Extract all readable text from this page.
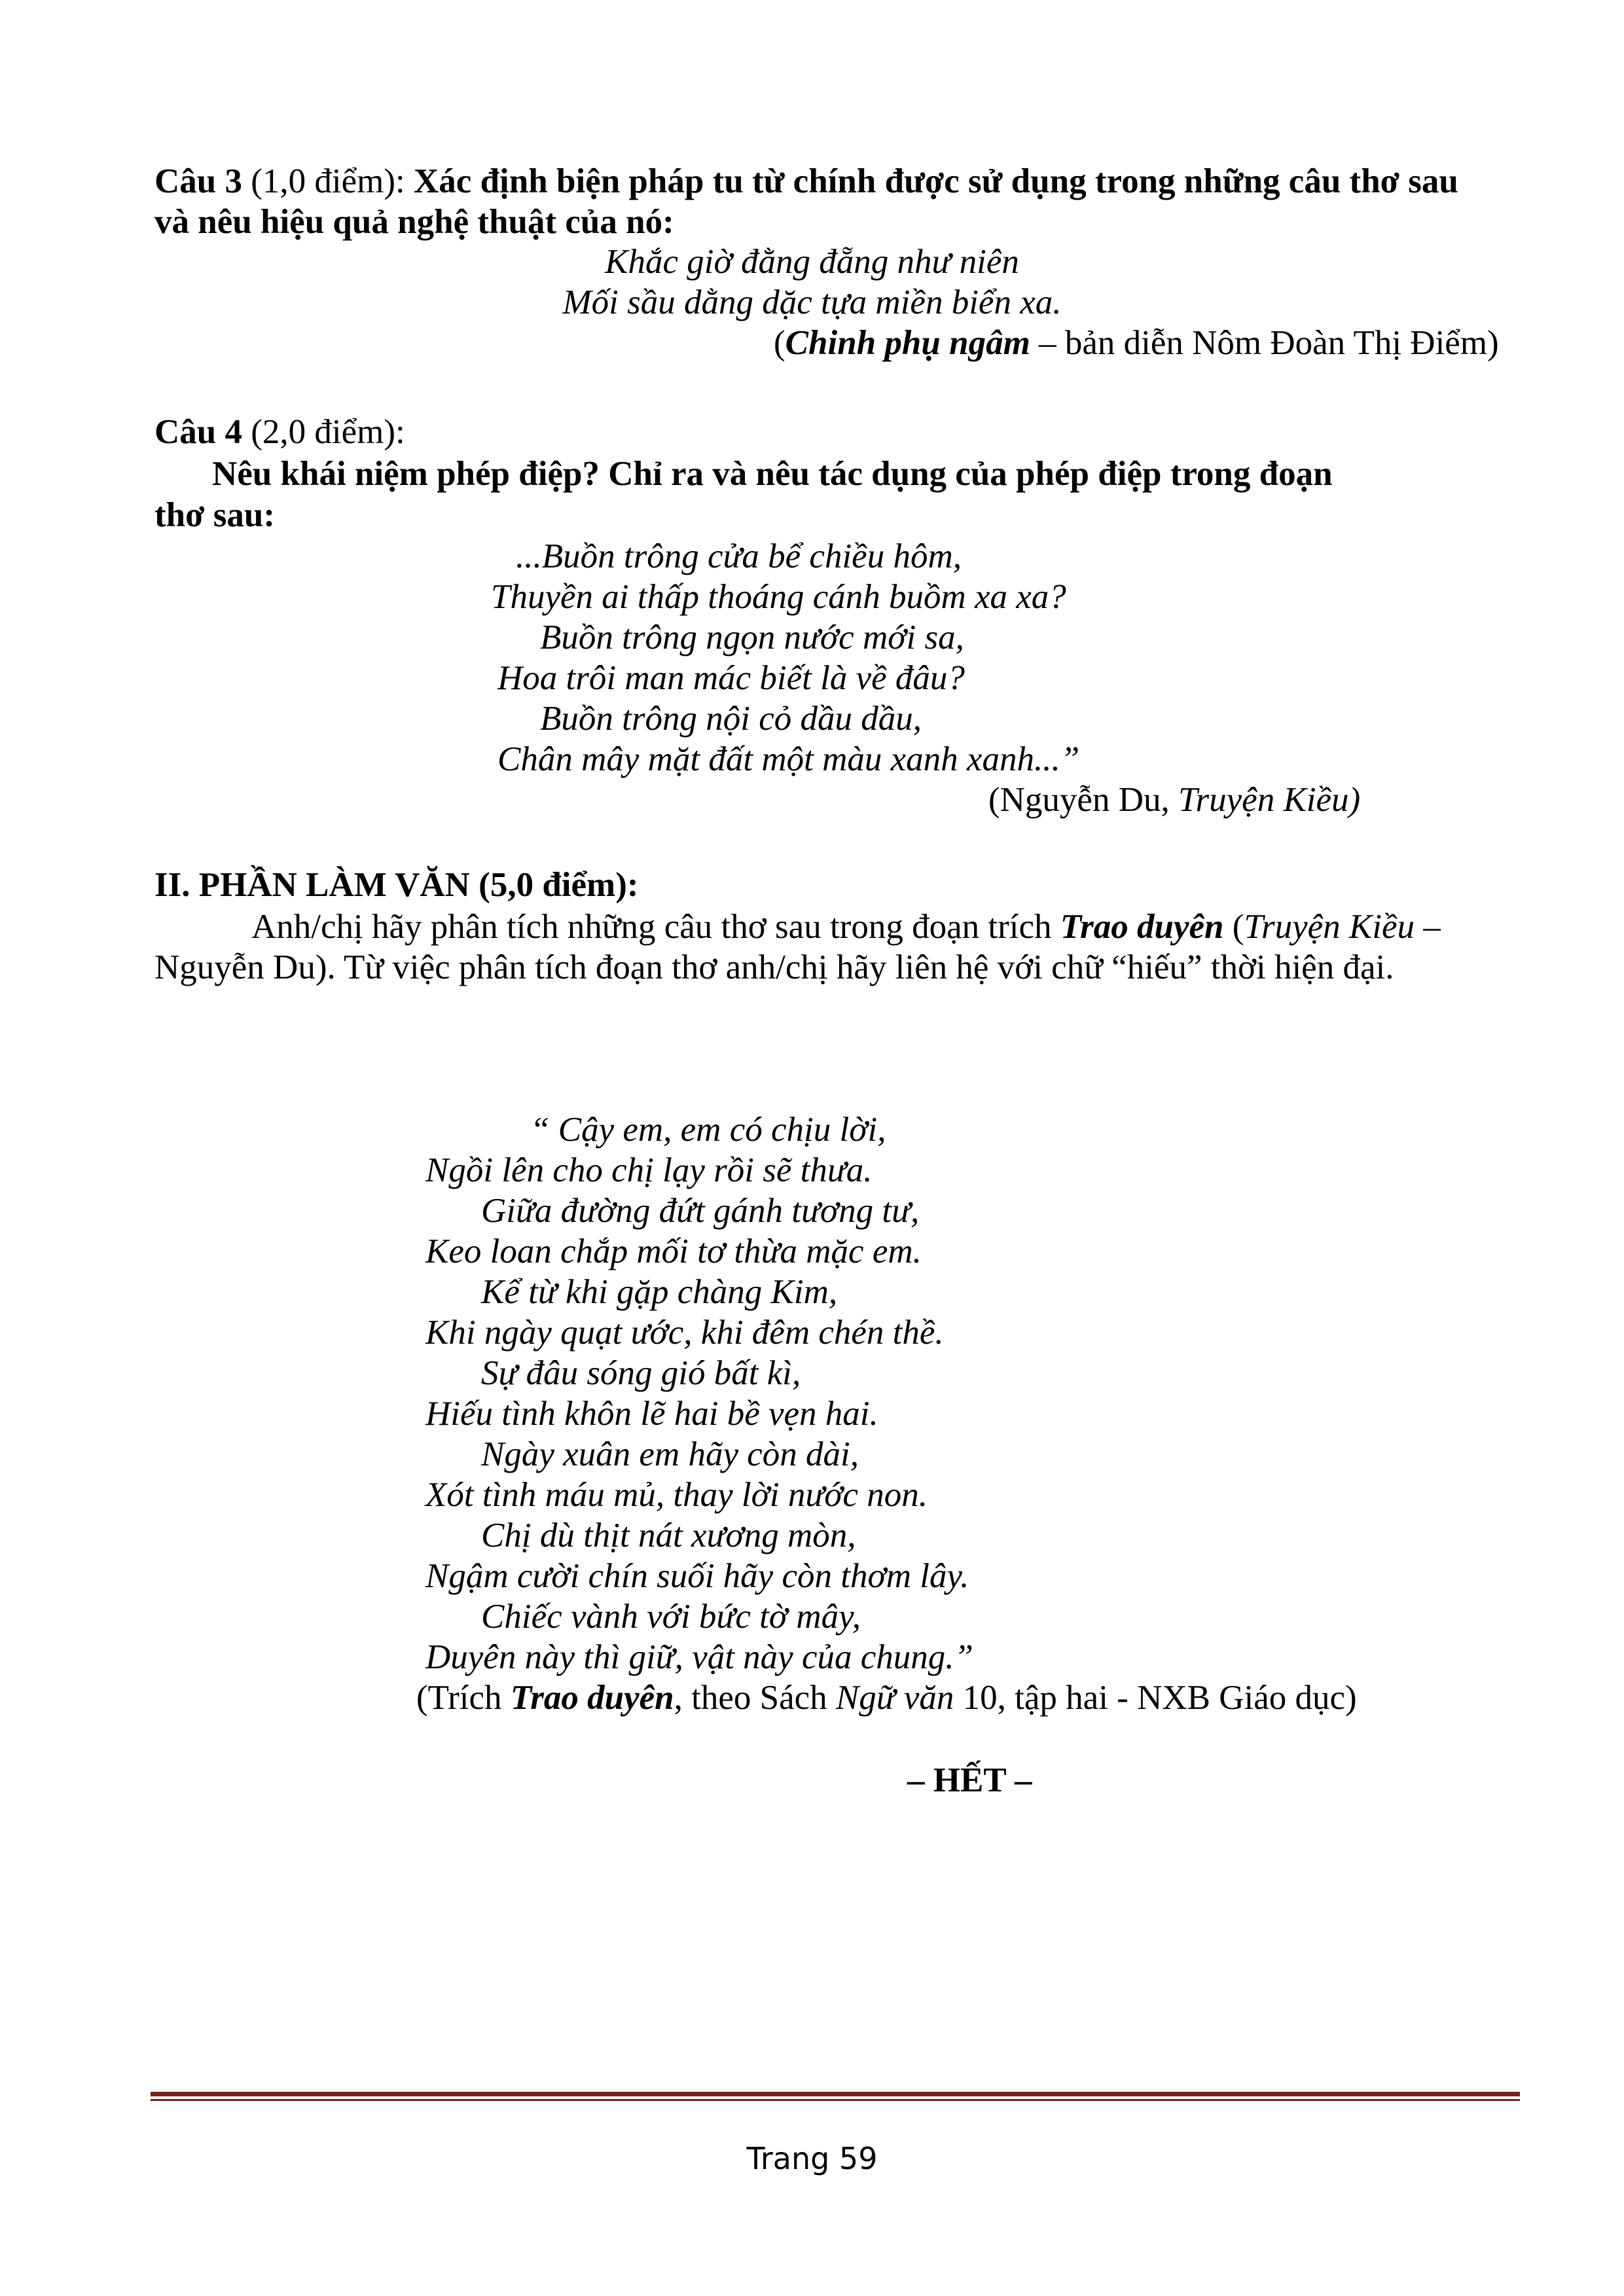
Câu 3 (1,0 điểm): Xác định biện pháp tu từ chính được sử dụng trong những câu thơ sau
và nêu hiệu quả nghệ thuật của nó:
Khắc giờ đằng đẵng như niên
Mối sầu dằng dặc tựa miền biển xa.
(Chinh phụ ngâm – bản diễn Nôm Đoàn Thị Điểm)
Câu 4 (2,0 điểm):
Nêu khái niệm phép điệp? Chỉ ra và nêu tác dụng của phép điệp trong đoạn
thơ sau:
...Buồn trông cửa bể chiều hôm,
Thuyền ai thấp thoáng cánh buồm xa xa?
Buồn trông ngọn nước mới sa,
Hoa trôi man mác biết là về đâu?
Buồn trông nội cỏ dầu dầu,
Chân mây mặt đất một màu xanh xanh...”
(Nguyễn Du, Truyện Kiều)
II. PHẦN LÀM VĂN (5,0 điểm):
Anh/chị hãy phân tích những câu thơ sau trong đoạn trích Trao duyên (Truyện Kiều –
Nguyễn Du). Từ việc phân tích đoạn thơ anh/chị hãy liên hệ với chữ “hiếu” thời hiện đại.
“ Cậy em, em có chịu lời,
Ngồi lên cho chị lạy rồi sẽ thưa.
Giữa đường đứt gánh tương tư,
Keo loan chắp mối tơ thừa mặc em.
Kể từ khi gặp chàng Kim,
Khi ngày quạt ước, khi đêm chén thề.
Sự đâu sóng gió bất kì,
Hiếu tình khôn lẽ hai bề vẹn hai.
Ngày xuân em hãy còn dài,
Xót tình máu mủ, thay lời nước non.
Chị dù thịt nát xương mòn,
Ngậm cười chín suối hãy còn thơm lây.
Chiếc vành với bức tờ mây,
Duyên này thì giữ, vật này của chung.”
(Trích Trao duyên, theo Sách Ngữ văn 10, tập hai - NXB Giáo dục)
– HẾT –
Trang 59
